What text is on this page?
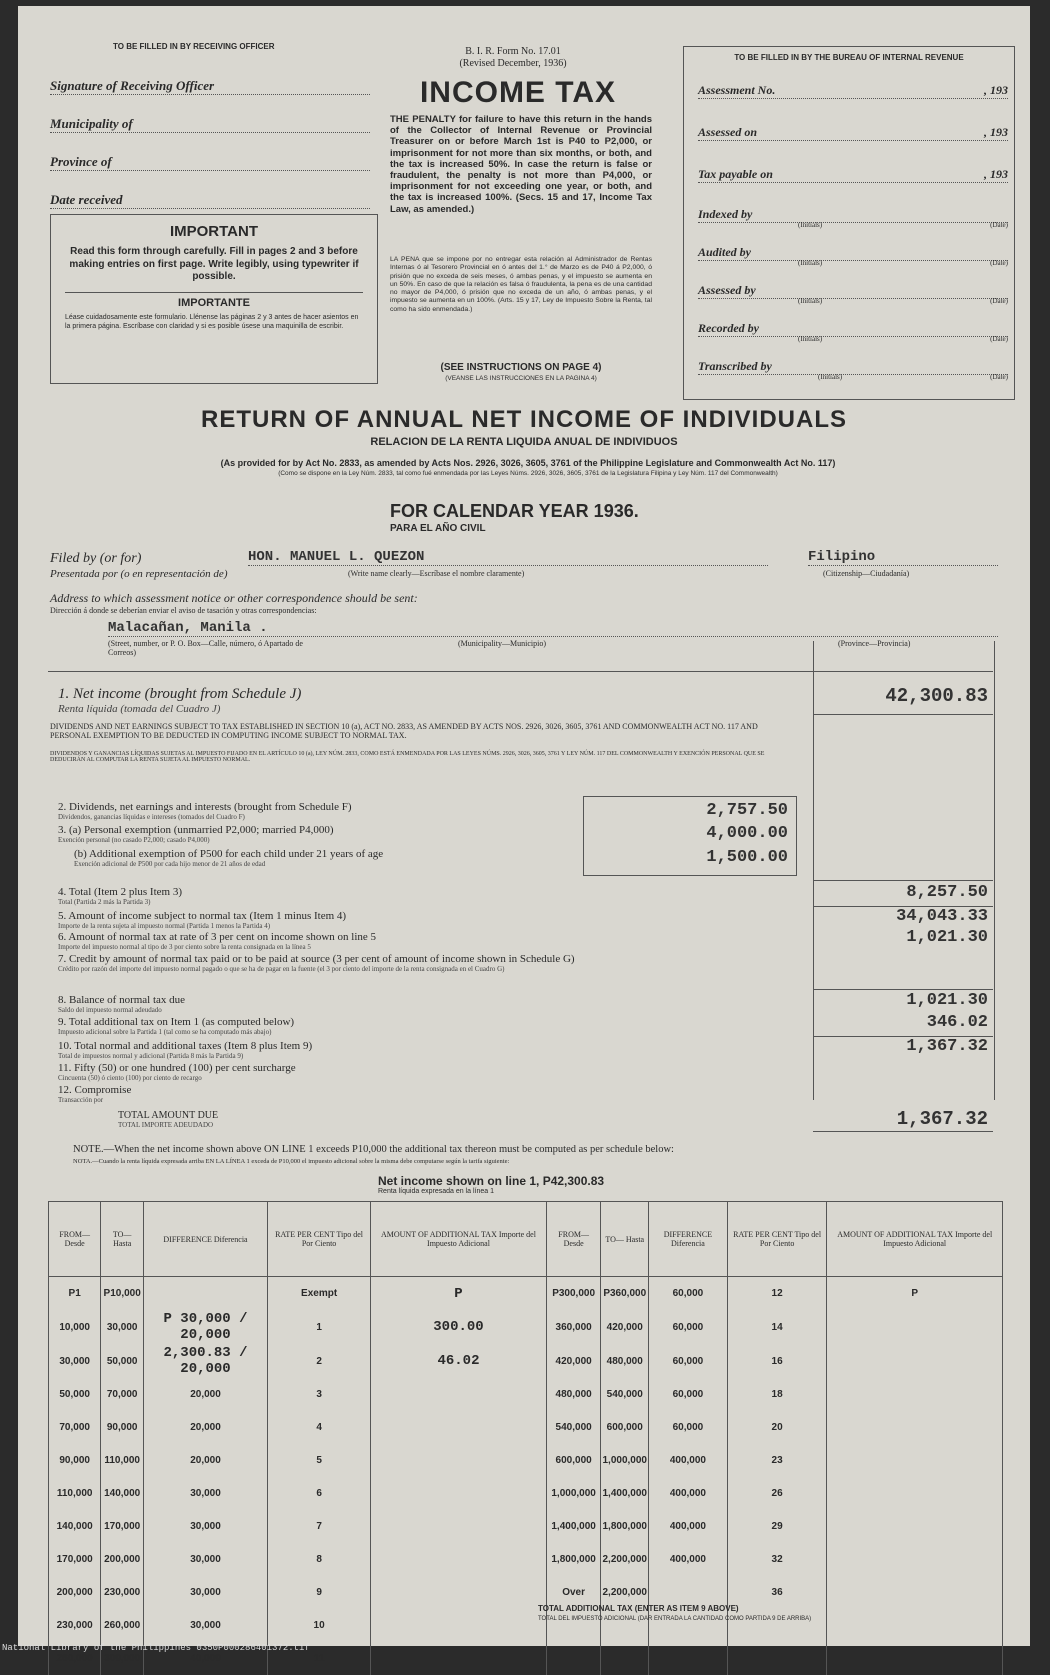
TO BE FILLED IN BY RECEIVING OFFICER
Signature of Receiving Officer
Municipality of
Province of
Date received
IMPORTANT
Read this form through carefully. Fill in pages 2 and 3 before making entries on first page. Write legibly, using typewriter if possible.
IMPORTANTE
Léase cuidadosamente este formulario. Llénense las páginas 2 y 3 antes de hacer asientos en la primera página. Escríbase con claridad y si es posible úsese una maquinilla de escribir.
B. I. R. Form No. 17.01
(Revised December, 1936)
INCOME TAX
THE PENALTY for failure to have this return in the hands of the Collector of Internal Revenue or Provincial Treasurer on or before March 1st is P40 to P2,000, or imprisonment for not more than six months, or both, and the tax is increased 50%. In case the return is false or fraudulent, the penalty is not more than P4,000, or imprisonment for not exceeding one year, or both, and the tax is increased 100%. (Secs. 15 and 17, Income Tax Law, as amended.)
LA PENA que se impone por no entregar esta relación al Administrador de Rentas Internas ó al Tesorero Provincial en ó antes del 1.° de Marzo es de P40 á P2,000, ó prisión que no exceda de seis meses, ó ambas penas, y el impuesto se aumenta en un 50%. En caso de que la relación es falsa ó fraudulenta, la pena es de una cantidad no mayor de P4,000, ó prisión que no exceda de un año, ó ambas penas, y el impuesto se aumenta en un 100%. (Arts. 15 y 17, Ley de Impuesto Sobre la Renta, tal como ha sido enmendada.)
(SEE INSTRUCTIONS ON PAGE 4)
(VEANSE LAS INSTRUCCIONES EN LA PAGINA 4)
TO BE FILLED IN BY THE BUREAU OF INTERNAL REVENUE
Assessment No.	, 193
Assessed on	, 193
Tax payable on	, 193
Indexed by
(Initials)	(Date)
Audited by
(Initials)	(Date)
Assessed by
(Initials)	(Date)
Recorded by
(Initials)	(Date)
Transcribed by
(Initials)	(Date)
RETURN OF ANNUAL NET INCOME OF INDIVIDUALS
RELACION DE LA RENTA LIQUIDA ANUAL DE INDIVIDUOS
(As provided for by Act No. 2833, as amended by Acts Nos. 2926, 3026, 3605, 3761 of the Philippine Legislature and Commonwealth Act No. 117)
(Como se dispone en la Ley Núm. 2833, tal como fué enmendada por las Leyes Núms. 2926, 3026, 3605, 3761 de la Legislatura Filipina y Ley Núm. 117 del Commonwealth)
FOR CALENDAR YEAR 1936.
PARA EL AÑO CIVIL
Filed by (or for)
Presentada por (o en representación de)
HON. MANUEL L. QUEZON
(Write name clearly—Escríbase el nombre claramente)
Filipino
(Citizenship—Ciudadanía)
Address to which assessment notice or other correspondence should be sent:
Dirección á donde se deberían enviar el aviso de tasación y otras correspondencias:
Malacañan, Manila .
(Street, number, or P. O. Box—Calle, número, ó Apartado de Correos)
(Municipality—Municipio)	(Province—Provincia)
1. Net income (brought from Schedule J)
Renta líquida (tomada del Cuadro J)
42,300.83
DIVIDENDS AND NET EARNINGS SUBJECT TO TAX ESTABLISHED IN SECTION 10 (a), ACT NO. 2833, AS AMENDED BY ACTS NOS. 2926, 3026, 3605, 3761 AND COMMONWEALTH ACT NO. 117 AND PERSONAL EXEMPTION TO BE DEDUCTED IN COMPUTING INCOME SUBJECT TO NORMAL TAX.
DIVIDENDOS Y GANANCIAS LÍQUIDAS SUJETAS AL IMPUESTO FIJADO EN EL ARTÍCULO 10 (a), LEY NÚM. 2833, COMO ESTÁ ENMENDADA POR LAS LEYES NÚMS. 2926, 3026, 3605, 3761 Y LEY NÚM. 117 DEL COMMONWEALTH Y EXENCIÓN PERSONAL QUE SE DEDUCIRÁN AL COMPUTAR LA RENTA SUJETA AL IMPUESTO NORMAL.
2. Dividends, net earnings and interests (brought from Schedule F)
Dividendos, ganancias líquidas e intereses (tomados del Cuadro F)	2,757.50
3. (a) Personal exemption (unmarried P2,000; married P4,000)
Exención personal (no casado P2,000; casado P4,000)	4,000.00
(b) Additional exemption of P500 for each child under 21 years of age
Exención adicional de P500 por cada hijo menor de 21 años de edad	1,500.00
4. Total (Item 2 plus Item 3)
Total (Partida 2 más la Partida 3)	8,257.50
5. Amount of income subject to normal tax (Item 1 minus Item 4)
Importe de la renta sujeta al impuesto normal (Partida 1 menos la Partida 4)	34,043.33
6. Amount of normal tax at rate of 3 per cent on income shown on line 5
Importe del impuesto normal al tipo de 3 por ciento sobre la renta consignada en la línea 5	1,021.30
7. Credit by amount of normal tax paid or to be paid at source (3 per cent of amount of income shown in Schedule G)
Crédito por razón del importe del impuesto normal pagado o que se ha de pagar en la fuente (el 3 por ciento del importe de la renta consignada en el Cuadro G)
8. Balance of normal tax due
Saldo del impuesto normal adeudado	1,021.30
9. Total additional tax on Item 1 (as computed below)
Impuesto adicional sobre la Partida 1 (tal como se ha computado más abajo)	346.02
10. Total normal and additional taxes (Item 8 plus Item 9)
Total de impuestos normal y adicional (Partida 8 más la Partida 9)	1,367.32
11. Fifty (50) or one hundred (100) per cent surcharge
Cincuenta (50) ó ciento (100) por ciento de recargo
12. Compromise
Transacción por
TOTAL AMOUNT DUE
TOTAL IMPORTE ADEUDADO	1,367.32
NOTE.—When the net income shown above ON LINE 1 exceeds P10,000 the additional tax thereon must be computed as per schedule below:
NOTA.—Cuando la renta líquida expresada arriba EN LA LÍNEA 1 exceda de P10,000 el impuesto adicional sobre la misma debe computarse según la tarifa siguiente:
Net income shown on line 1, P42,300.83
Renta líquida expresada en la línea 1
FROM— Desde	TO— Hasta	DIFFERENCE Diferencia	RATE PER CENT Tipo del Por Ciento	AMOUNT OF ADDITIONAL TAX Importe del Impuesto Adicional	FROM— Desde	TO— Hasta	DIFFERENCE Diferencia	RATE PER CENT Tipo del Por Ciento	AMOUNT OF ADDITIONAL TAX Importe del Impuesto Adicional
P1	P10,000		Exempt	P	P300,000	P360,000	60,000	12	P
10,000	30,000	P 30,000 / 20,000	1	300.00	360,000	420,000	60,000	14	
30,000	50,000	2,300.83 / 20,000	2	46.02	420,000	480,000	60,000	16	
50,000	70,000	20,000	3		480,000	540,000	60,000	18	
70,000	90,000	20,000	4		540,000	600,000	60,000	20	
90,000	110,000	20,000	5		600,000	1,000,000	400,000	23	
110,000	140,000	30,000	6		1,000,000	1,400,000	400,000	26	
140,000	170,000	30,000	7		1,400,000	1,800,000	400,000	29	
170,000	200,000	30,000	8		1,800,000	2,200,000	400,000	32	
200,000	230,000	30,000	9		Over	2,200,000		36	
230,000	260,000	30,000	10						
260,000	300,000	40,000	11						
TOTAL ADDITIONAL TAX (ENTER AS ITEM 9 ABOVE)
TOTAL DEL IMPUESTO ADICIONAL (DAR ENTRADA LA CANTIDAD COMO PARTIDA 9 DE ARRIBA)
National Library of the Philippines 0350P000286401372.tif
